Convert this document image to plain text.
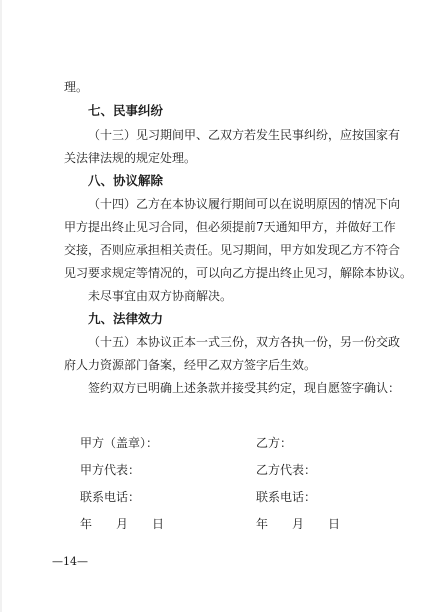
理。
七、民事纠纷
（十三）见习期间甲、乙双方若发生民事纠纷，应按国家有
关法律法规的规定处理。
八、协议解除
（十四）乙方在本协议履行期间可以在说明原因的情况下向
甲方提出终止见习合同，但必须提前7天通知甲方，并做好工作
交接，否则应承担相关责任。见习期间，甲方如发现乙方不符合
见习要求规定等情况的，可以向乙方提出终止见习，解除本协议。
未尽事宜由双方协商解决。
九、法律效力
（十五）本协议正本一式三份，双方各执一份，另一份交政
府人力资源部门备案，经甲乙双方签字后生效。
签约双方已明确上述条款并接受其约定，现自愿签字确认：
甲方（盖章）：	乙方：
甲方代表：	乙方代表：
联系电话：	联系电话：
年　　月　　日	年　　月　　日
—14—
